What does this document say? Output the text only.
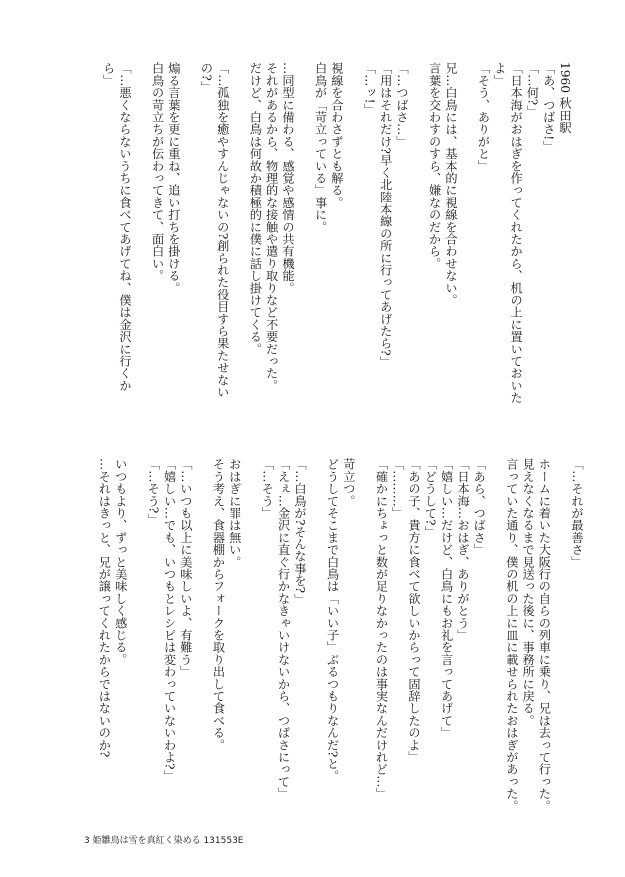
1960 秋田駅
「あ、つばさ!」
「…何?」
「日本海がおはぎを作ってくれたから、机の上に置いておいた
よ」
「そう、ありがと」

兄…白鳥には、基本的に視線を合わせない。
言葉を交わすのすら、嫌なのだから。

「…つばさ…」
「用はそれだけ?早く北陸本線の所に行ってあげたら?」
「…ッ!」

視線を合わさずとも解る。
白鳥が「苛立っている」事に。

…同型に備わる、感覚や感情の共有機能。
それがあるから、物理的な接触や遣り取りなど不要だった。
だけど、白鳥は何故か積極的に僕に話し掛けてくる。

「…孤独を癒やすんじゃないの?創られた役目すら果たせない
の?」

煽る言葉を更に重ね、追い打ちを掛ける。
白鳥の苛立ちが伝わってきて、面白い。

「…悪くならないうちに食べてあげてね、僕は金沢に行くか
ら」
「…それが最善さ」

ホームに着いた大阪行の自らの列車に乗り、兄は去って行った。
見えなくなるまで見送った後に、事務所に戻る。
言っていた通り、僕の机の上に皿に載せられたおはぎがあった。

「あら、つばさ」
「日本海…おはぎ、ありがとう」
「嬉しい…だけど、白鳥にもお礼を言ってあげて」
「どうして?」
「あの子、貴方に食べて欲しいからって固辞したのよ」
「………」
「確かにちょっと数が足りなかったのは事実なんだけれど…」

苛立つ。
どうしてそこまで白鳥は「いい子」ぶるつもりなんだ?と。

「…白鳥が?そんな事を?」
「えぇ…金沢に直ぐ行かなきゃいけないから、つばさにって」
「…そう」

おはぎに罪は無い。
そう考え、食器棚からフォークを取り出して食べる。

「…いつも以上に美味しいよ、有難う」
「嬉しい…でも、いつもとレシピは変わっていないわよ?」
「…そう?」

いつもより、ずっと美味しく感じる。
…それはきっと、兄が譲ってくれたからではないのか?
3 姫雛鳥は雪を真紅く染める 131553E
